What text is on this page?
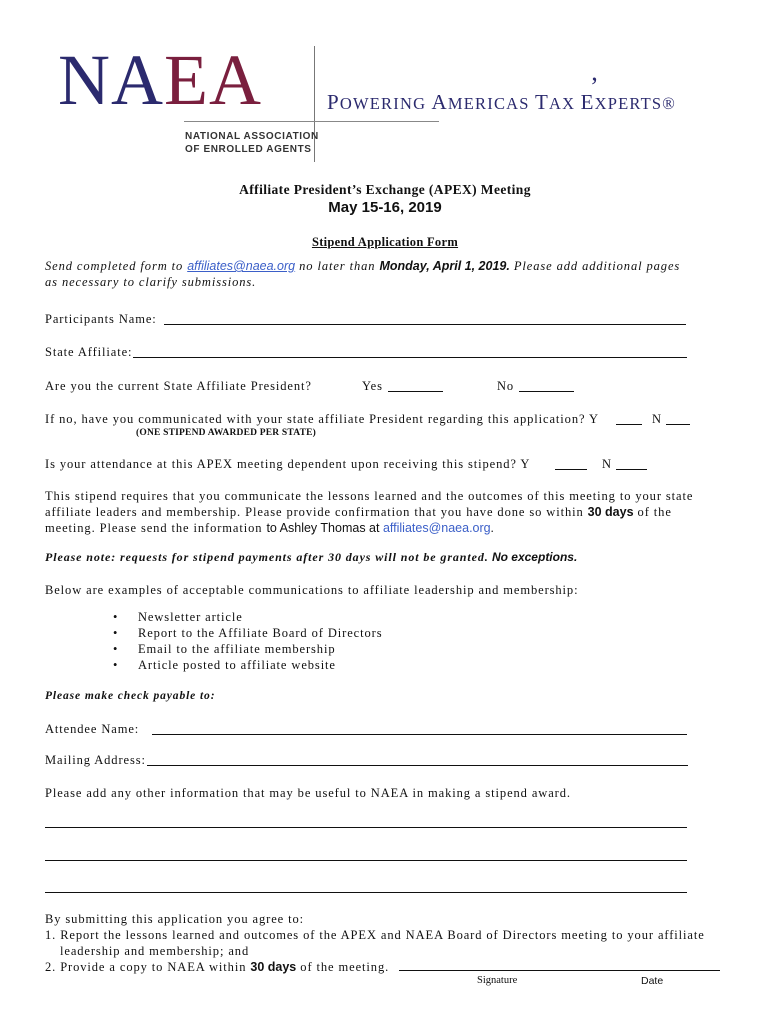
NAEA
NATIONAL ASSOCIATION
OF ENROLLED AGENTS
’
POWERING AMERICAS TAX EXPERTS®
Affiliate President’s Exchange (APEX) Meeting
May 15-16, 2019
Stipend Application Form
Send completed form to affiliates@naea.org no later than Monday, April 1, 2019. Please add additional pages
as necessary to clarify submissions.
Participants Name:
State Affiliate:
Are you the current State Affiliate President?	Yes	No
If no, have you communicated with your state affiliate President regarding this application? Y	N
(ONE STIPEND AWARDED PER STATE)
Is your attendance at this APEX meeting dependent upon receiving this stipend? Y	N
This stipend requires that you communicate the lessons learned and the outcomes of this meeting to your state
affiliate leaders and membership. Please provide confirmation that you have done so within 30 days of the
meeting. Please send the information to Ashley Thomas at affiliates@naea.org.
Please note: requests for stipend payments after 30 days will not be granted. No exceptions.
Below are examples of acceptable communications to affiliate leadership and membership:
• Newsletter article
• Report to the Affiliate Board of Directors
• Email to the affiliate membership
• Article posted to affiliate website
Please make check payable to:
Attendee Name:
Mailing Address:
Please add any other information that may be useful to NAEA in making a stipend award.
By submitting this application you agree to:
1. Report the lessons learned and outcomes of the APEX and NAEA Board of Directors meeting to your affiliate
leadership and membership; and
2. Provide a copy to NAEA within 30 days of the meeting.
Signature	Date
